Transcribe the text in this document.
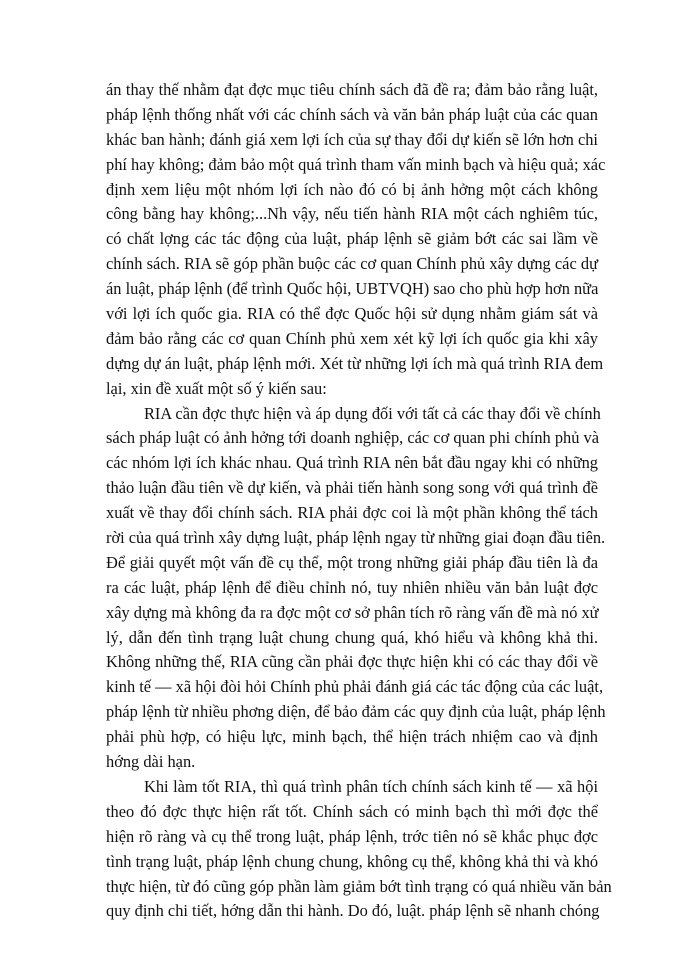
án thay thế nhằm đạt đợc mục tiêu chính sách đã đề ra; đảm bảo rằng luật,
pháp lệnh thống nhất với các chính sách và văn bản pháp luật của các quan
khác ban hành; đánh giá xem lợi ích của sự thay đổi dự kiến sẽ lớn hơn chi
phí hay không; đảm bảo một quá trình tham vấn minh bạch và hiệu quả; xác
định xem liệu một nhóm lợi ích nào đó có bị ảnh hởng một cách không
công bằng hay không;...Nh vậy, nếu tiến hành RIA một cách nghiêm túc,
có chất lợng các tác động của luật, pháp lệnh sẽ giảm bớt các sai lầm về
chính sách. RIA sẽ góp phần buộc các cơ quan Chính phủ xây dựng các dự
án luật, pháp lệnh (để trình Quốc hội, UBTVQH) sao cho phù hợp hơn nữa
với lợi ích quốc gia. RIA có thể đợc Quốc hội sử dụng nhằm giám sát và
đảm bảo rằng các cơ quan Chính phủ xem xét kỹ lợi ích quốc gia khi xây
dựng dự án luật, pháp lệnh mới. Xét từ những lợi ích mà quá trình RIA đem
lại, xin đề xuất một số ý kiến sau:
RIA cần đợc thực hiện và áp dụng đối với tất cả các thay đổi về chính
sách pháp luật có ảnh hởng tới doanh nghiệp, các cơ quan phi chính phủ và
các nhóm lợi ích khác nhau. Quá trình RIA nên bắt đầu ngay khi có những
thảo luận đầu tiên về dự kiến, và phải tiến hành song song với quá trình đề
xuất về thay đổi chính sách. RIA phải đợc coi là một phần không thể tách
rời của quá trình xây dựng luật, pháp lệnh ngay từ những giai đoạn đầu tiên.
Để giải quyết một vấn đề cụ thể, một trong những giải pháp đầu tiên là đa
ra các luật, pháp lệnh để điều chỉnh nó, tuy nhiên nhiều văn bản luật đợc
xây dựng mà không đa ra đợc một cơ sở phân tích rõ ràng vấn đề mà nó xử
lý, dẫn đến tình trạng luật chung chung quá, khó hiểu và không khả thi.
Không những thế, RIA cũng cần phải đợc thực hiện khi có các thay đổi về
kinh tế — xã hội đòi hỏi Chính phủ phải đánh giá các tác động của các luật,
pháp lệnh từ nhiều phơng diện, để bảo đảm các quy định của luật, pháp lệnh
phải phù hợp, có hiệu lực, minh bạch, thể hiện trách nhiệm cao và định
hớng dài hạn.
Khi làm tốt RIA, thì quá trình phân tích chính sách kinh tế — xã hội
theo đó đợc thực hiện rất tốt. Chính sách có minh bạch thì mới đợc thể
hiện rõ ràng và cụ thể trong luật, pháp lệnh, trớc tiên nó sẽ khắc phục đợc
tình trạng luật, pháp lệnh chung chung, không cụ thể, không khả thi và khó
thực hiện, từ đó cũng góp phần làm giảm bớt tình trạng có quá nhiều văn bản
quy định chi tiết, hớng dẫn thi hành. Do đó, luật. pháp lệnh sẽ nhanh chóng
